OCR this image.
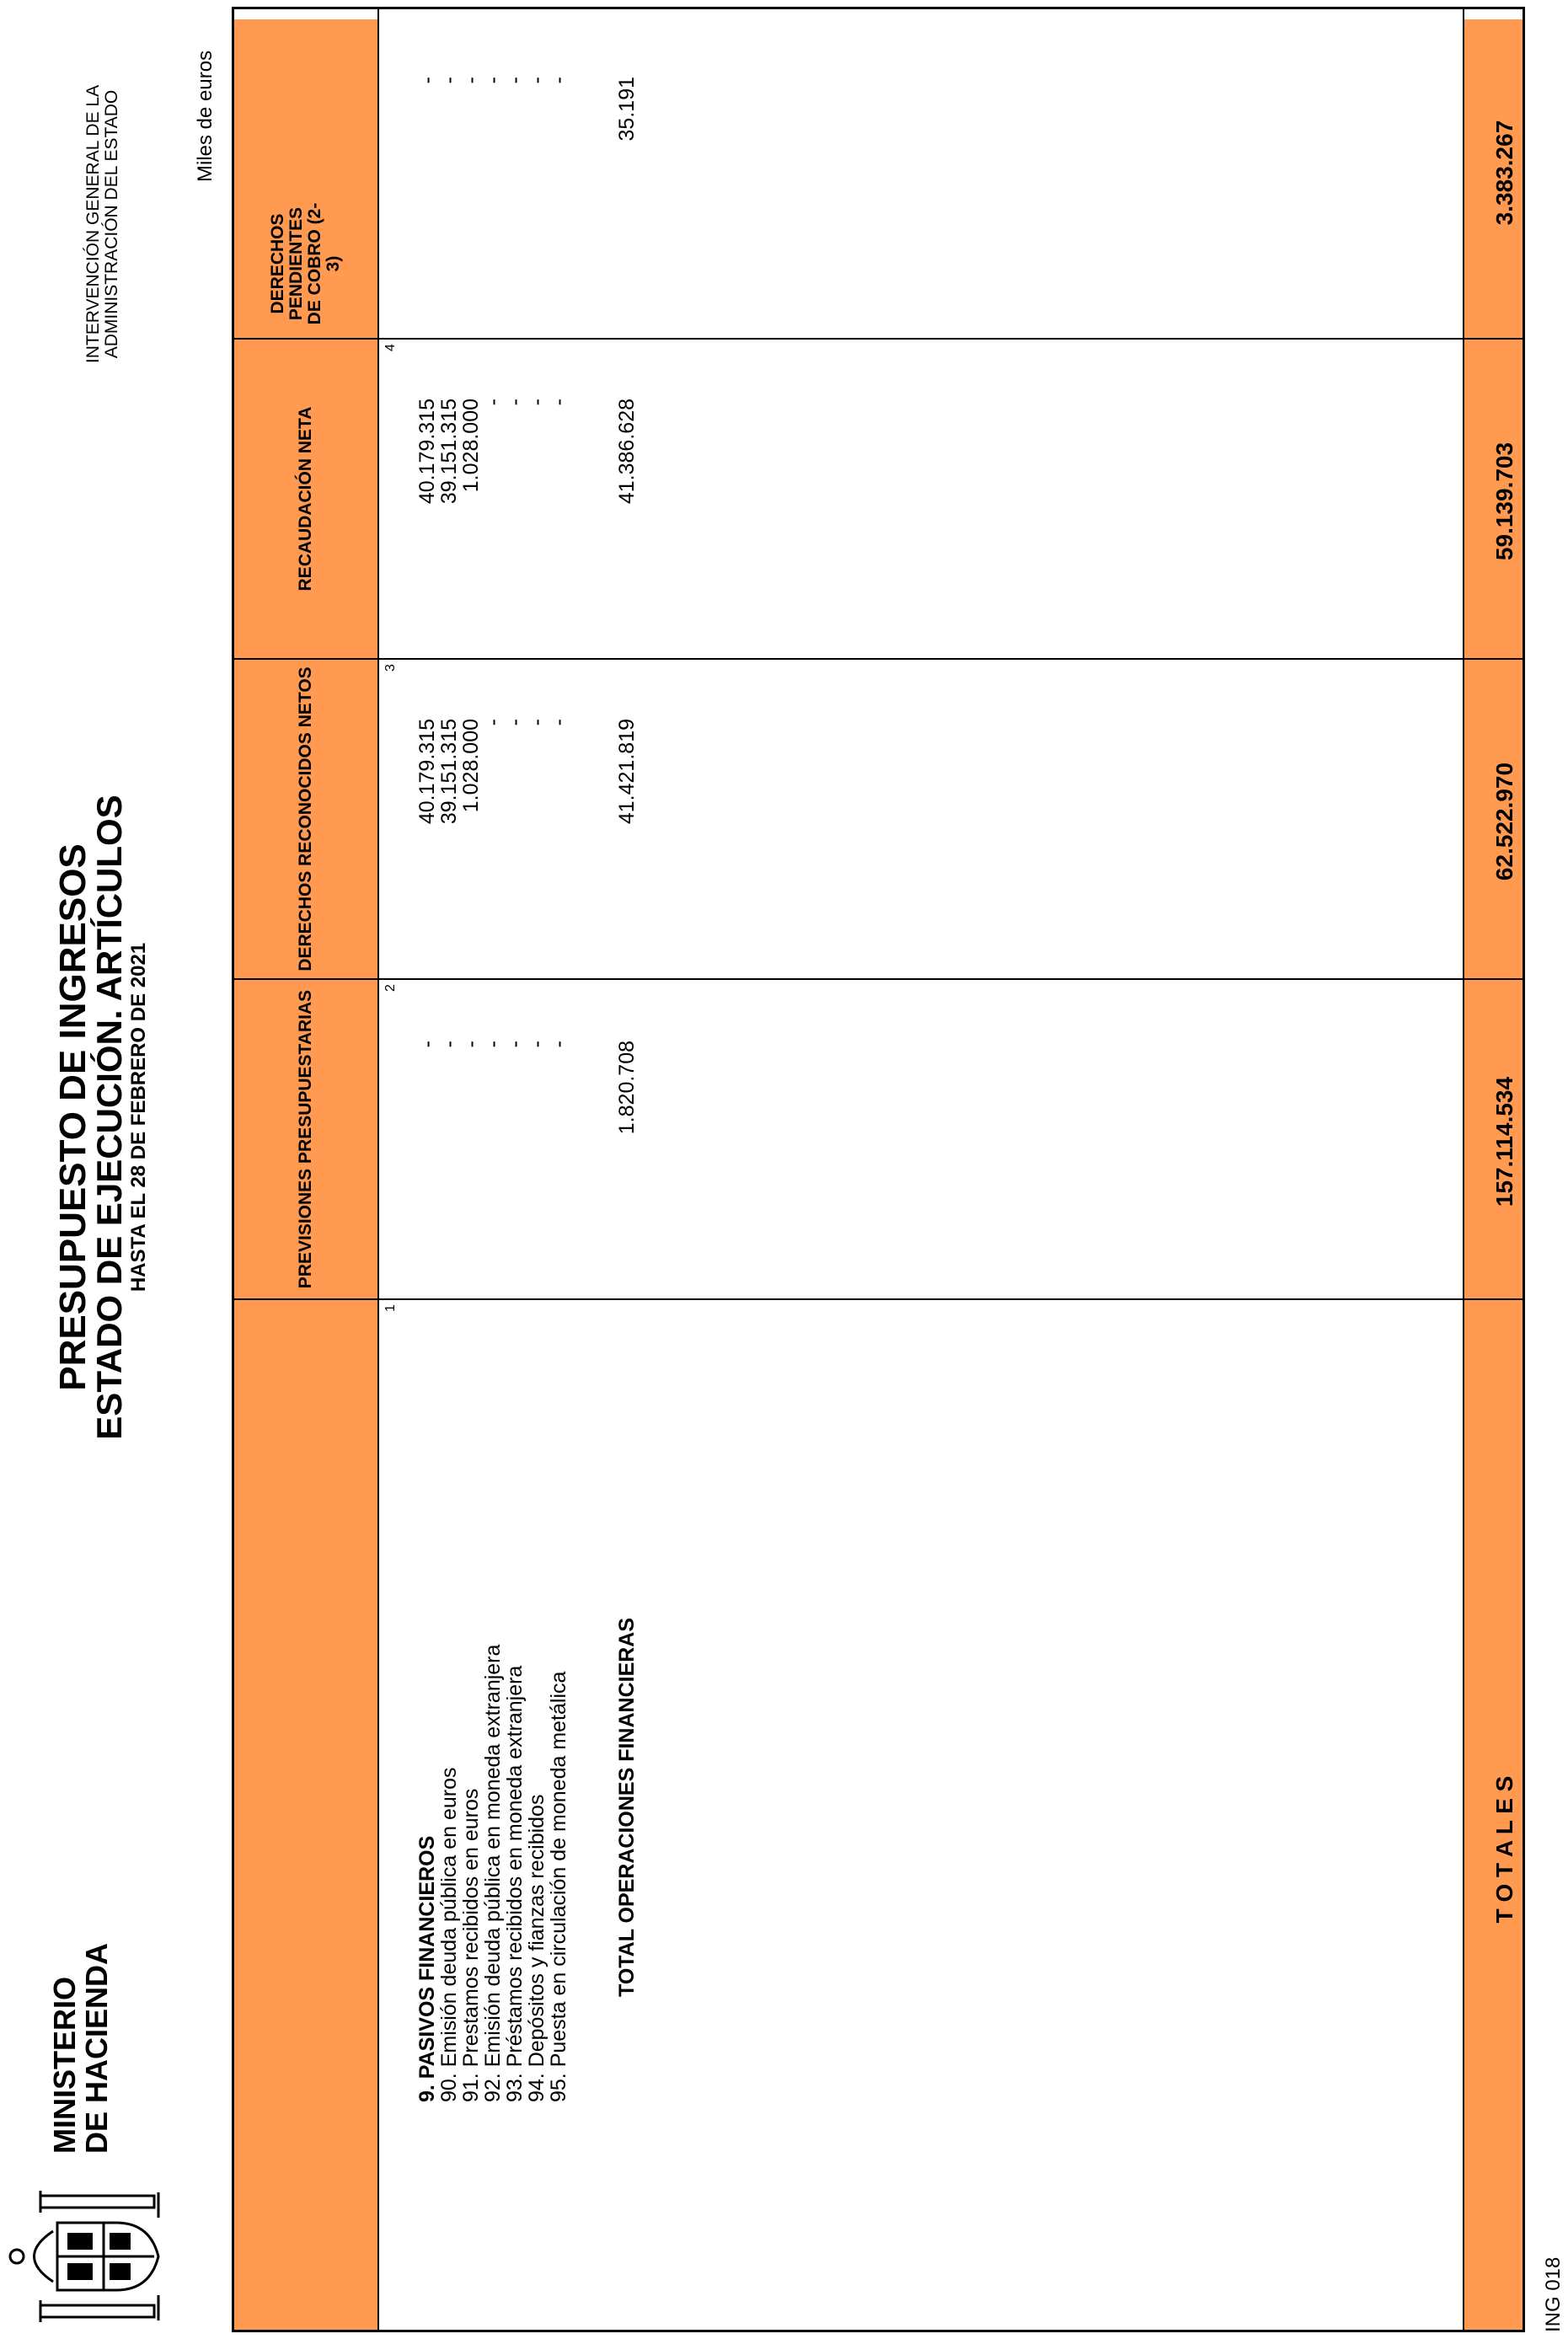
MINISTERIO
DE HACIENDA
PRESUPUESTO DE INGRESOS
ESTADO DE EJECUCIÓN. ARTÍCULOS
HASTA EL 28 DE FEBRERO DE 2021
INTERVENCIÓN GENERAL DE LA ADMINISTRACIÓN DEL ESTADO	Miles de euros
ING 018
PREVISIONES PRESUPUESTARIAS
DERECHOS RECONOCIDOS NETOS
RECAUDACIÓN NETA
DERECHOS PENDIENTES DE COBRO (2-3)
1
2
3
4
9. PASIVOS FINANCIEROS
90. Emisión deuda pública en euros
91. Prestamos recibidos en euros
92. Emisión deuda pública en moneda extranjera
93. Préstamos recibidos en moneda extranjera
94. Depósitos y fianzas recibidos
95. Puesta en circulación de moneda metálica
-
-
-
-
-
-
-
40.179.315
39.151.315
1.028.000
-
-
-
-
40.179.315
39.151.315
1.028.000
-
-
-
-
-
-
-
-
-
-
-
TOTAL OPERACIONES FINANCIERAS
1.820.708
41.421.819
41.386.628
35.191
T O T A L E S
157.114.534
62.522.970
59.139.703
3.383.267
